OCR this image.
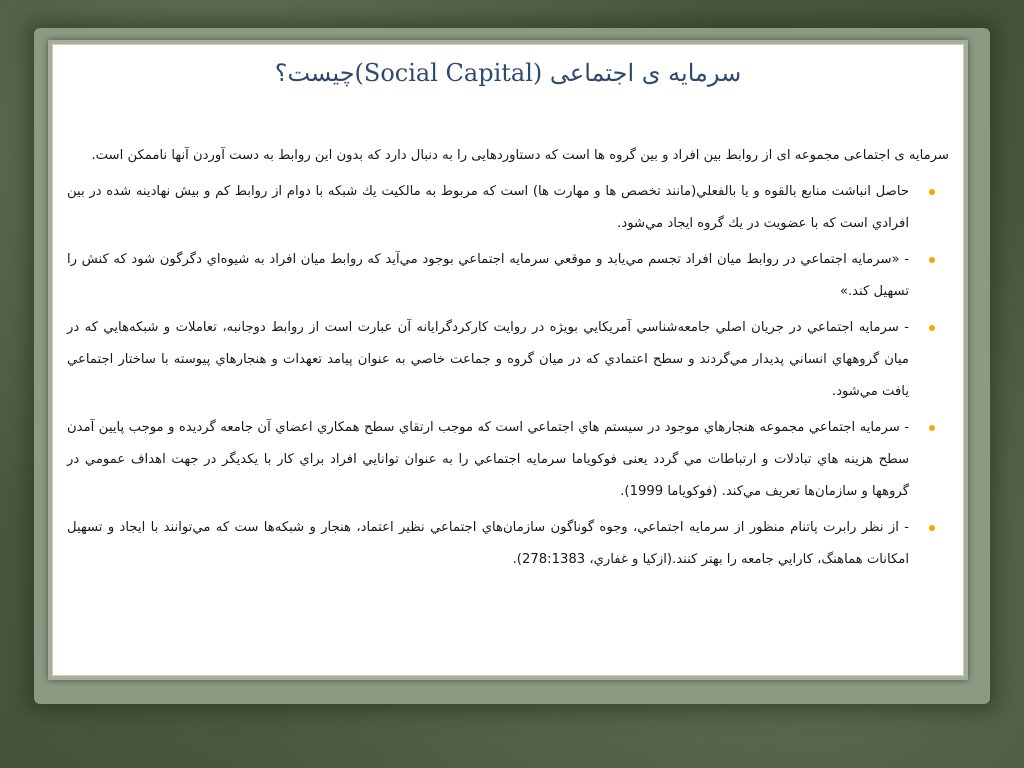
سرمایه ی اجتماعی (Social Capital)چیست؟

سرمایه ی اجتماعی مجموعه ای از روابط بین افراد و بین گروه ها است که دستاوردهایی را به دنبال دارد که بدون این روابط به دست آوردن آنها ناممکن است.

حاصل انباشت منابع بالقوه و يا بالفعلي(مانند تخصص ها و مهارت ها) است که مربوط به مالکيت يك شبکه با دوام از روابط کم و بيش نهادينه شده در بين افرادي است که با عضويت در يك گروه ايجاد مي‌شود.
- «سرمايه اجتماعي در روابط ميان افراد تجسم مي‌يابد و موقعي سرمايه اجتماعي بوجود مي‌آيد که روابط ميان افراد به شيوه‌اي دگرگون شود که کنش را تسهيل کند.»
- سرمايه اجتماعي در جريان اصلي جامعه‌شناسي آمريکايي بويژه در روايت کارکردگرايانه آن عبارت است از روابط دوجانبه، تعاملات و شبکه‌هايي که در ميان گروههاي انساني پديدار مي‌گردند و سطح اعتمادي که در ميان گروه و جماعت خاصي به عنوان پيامد تعهدات و هنجارهاي پيوسته با ساختار اجتماعي يافت مي‌شود.
- سرمايه اجتماعي مجموعه هنجارهاي موجود در سيستم هاي اجتماعي است که موجب ارتقاي سطح همکاري اعضاي آن جامعه گرديده و موجب پايين آمدن سطح هزينه هاي تبادلات و ارتباطات مي گردد يعنی فوکوياما سرمايه اجتماعي را به عنوان توانايي افراد براي کار با يکديگر در جهت اهداف عمومي در گروهها و سازمان‌ها تعريف مي‌کند. (فوکوياما 1999).
- از نظر رابرت پاتنام منظور از سرمايه اجتماعي، وجوه گوناگون سازمان‌هاي اجتماعي نظير اعتماد، هنجار و شبکه‌ها ست که مي‌توانند با ايجاد و تسهيل امکانات هماهنگ، کارايي جامعه را بهتر کنند.(ازکيا و غفاري، 278:1383).
